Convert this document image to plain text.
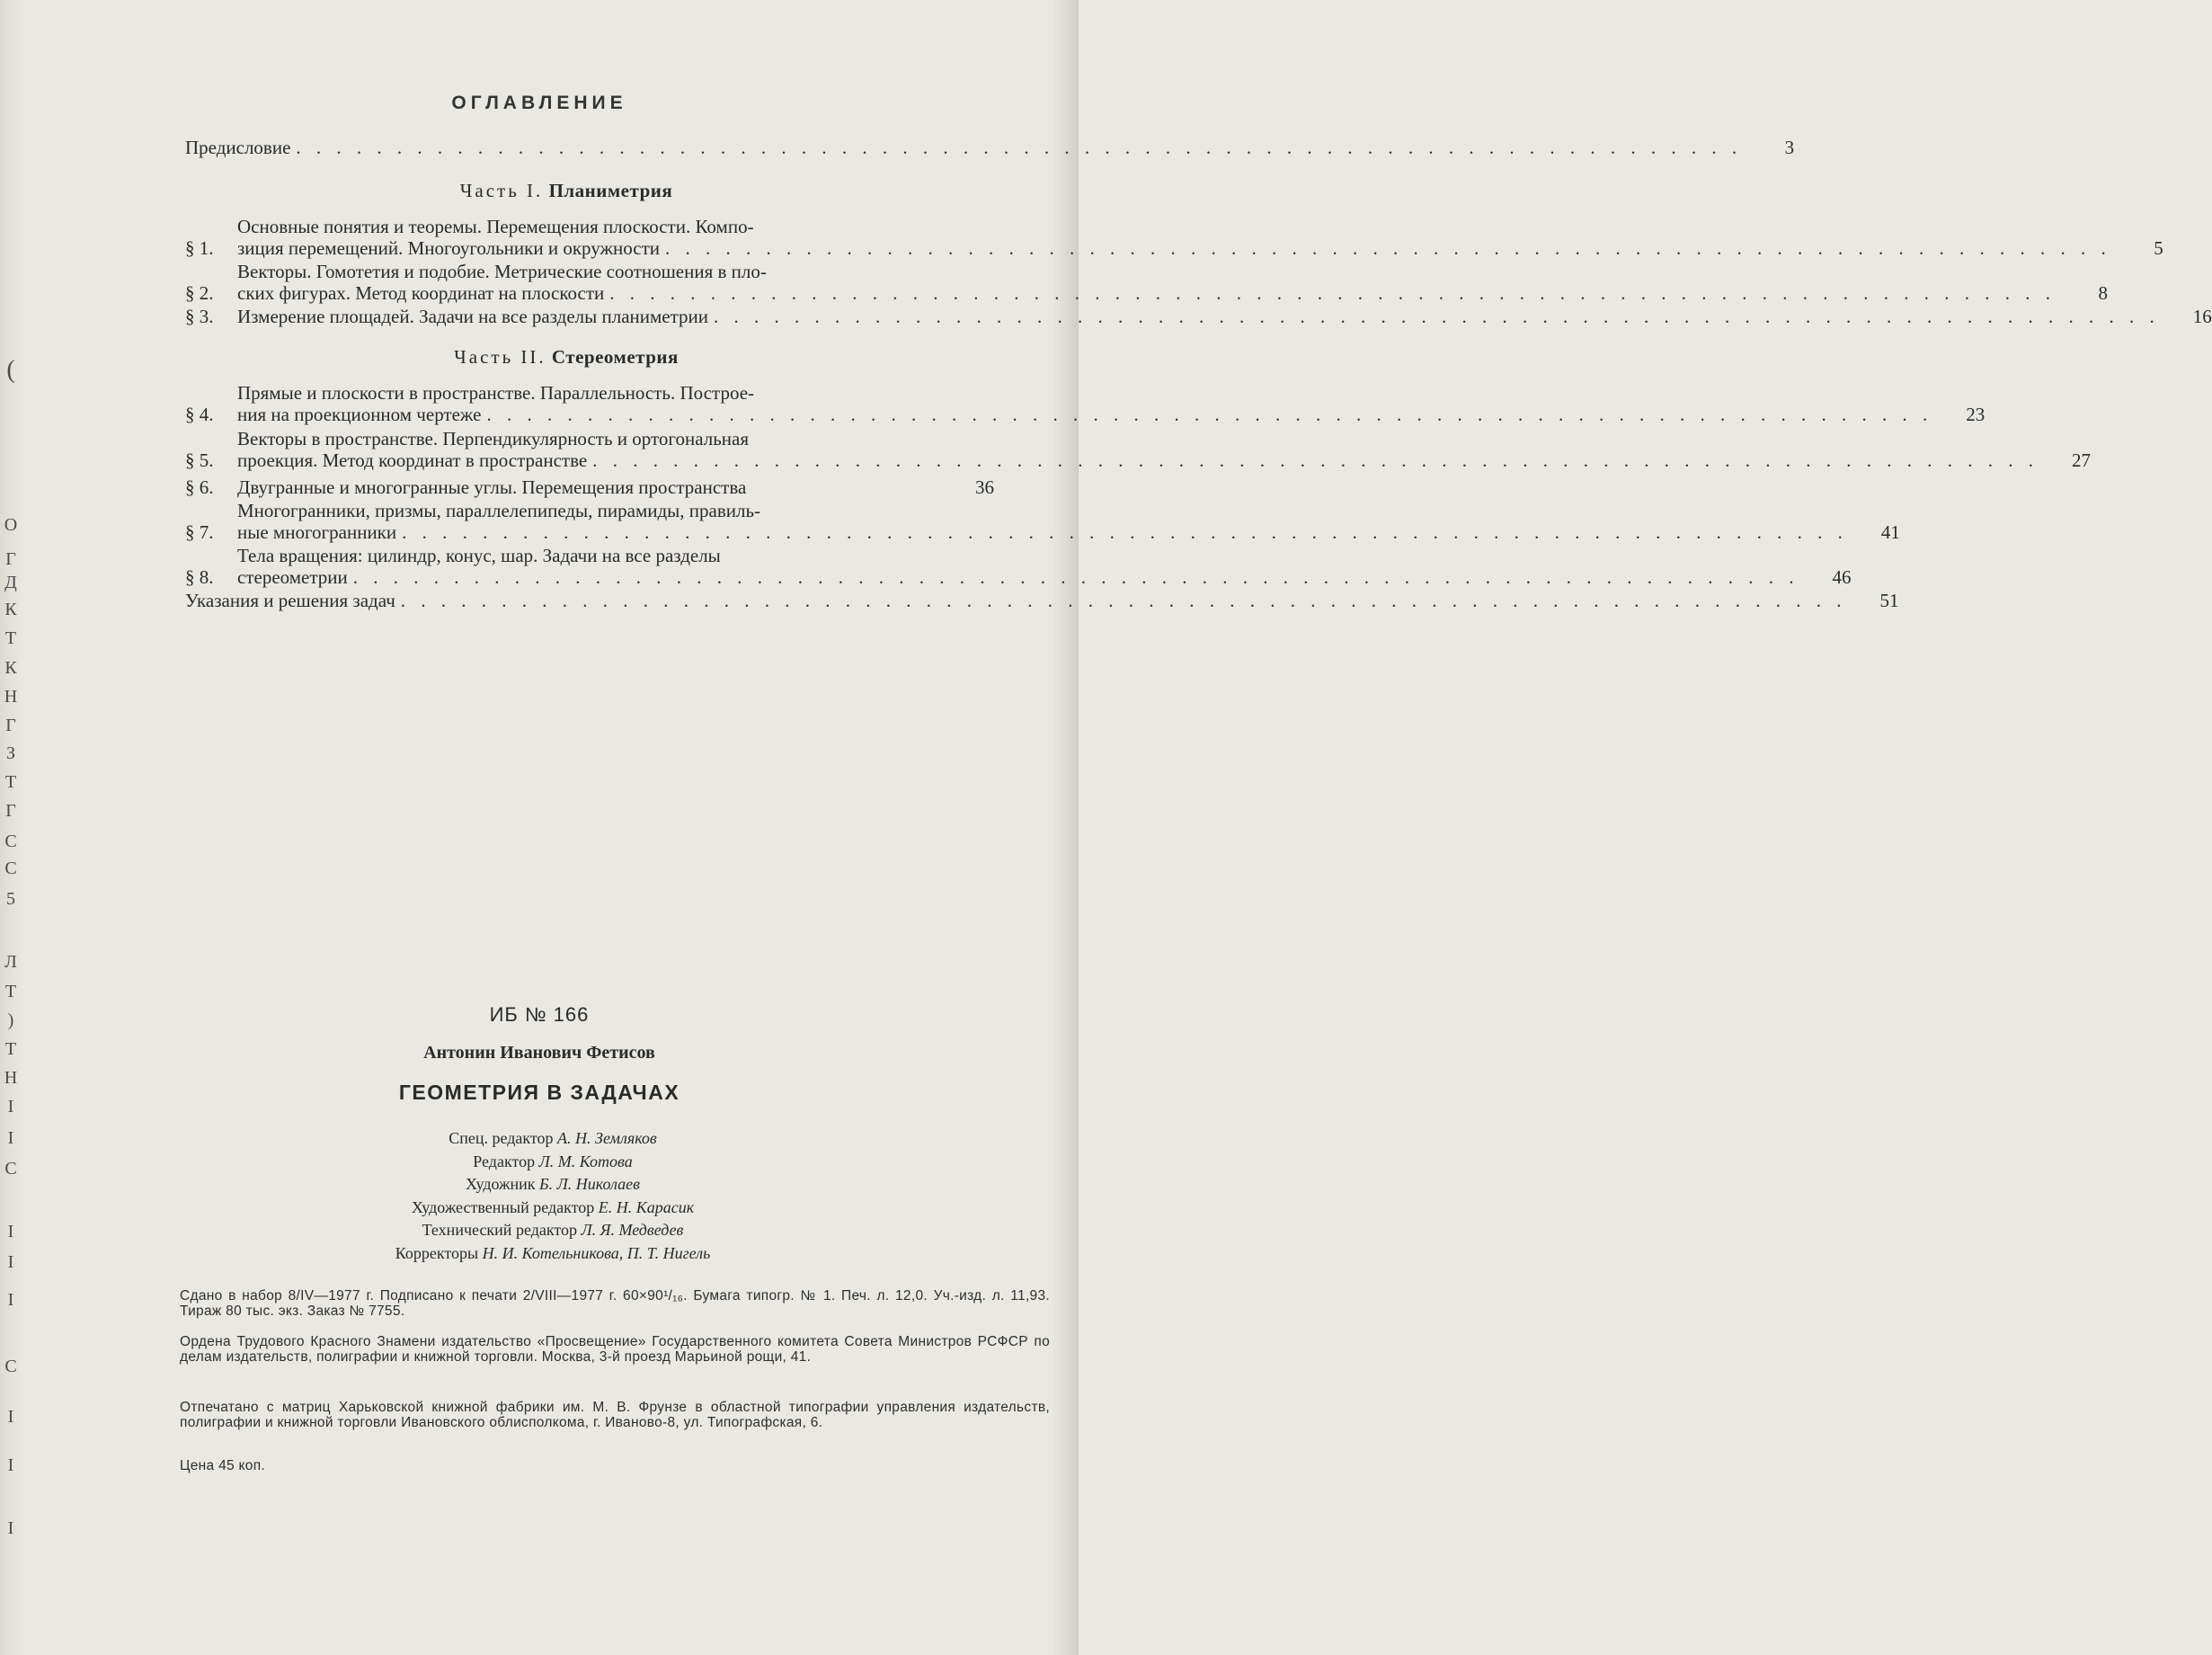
(
О
Г
Д
К
Т
К
Н
Г
З
Т
Г
С
С
5
Л
Т
)
Т
Н
I
І
С
І
І
І
С
І
І
І
ОГЛАВЛЕНИЕ
Предисловие . . .	3
Часть I. Планиметрия
§ 1.
Основные понятия и теоремы. Перемещения плоскости. Компо-
зиция перемещений. Многоугольники и окружности . . .	5
§ 2.
Векторы. Гомотетия и подобие. Метрические соотношения в пло-
ских фигурах. Метод координат на плоскости . . .	8
§ 3.	Измерение площадей. Задачи на все разделы планиметрии . . .	16
Часть II. Стереометрия
§ 4.
Прямые и плоскости в пространстве. Параллельность. Построе-
ния на проекционном чертеже . . .	23
§ 5.
Векторы в пространстве. Перпендикулярность и ортогональная
проекция. Метод координат в пространстве . . .	27
§ 6.	Двугранные и многогранные углы. Перемещения пространства	36
§ 7.
Многогранники, призмы, параллелепипеды, пирамиды, правиль-
ные многогранники . . .	41
§ 8.
Тела вращения: цилиндр, конус, шар. Задачи на все разделы
стереометрии . . .	46
Указания и решения задач . . .	51
ИБ № 166
Антонин Иванович Фетисов
ГЕОМЕТРИЯ В ЗАДАЧАХ
Спец. редактор А. Н. Земляков
Редактор Л. М. Котова
Художник Б. Л. Николаев
Художественный редактор Е. Н. Карасик
Технический редактор Л. Я. Медведев
Корректоры Н. И. Котельникова, П. Т. Нигель
Сдано в набор 8/IV—1977 г. Подписано к печати 2/VIII—1977 г. 60×90¹/₁₆. Бумага типогр. № 1. Печ. л. 12,0. Уч.-изд. л. 11,93. Тираж 80 тыс. экз. Заказ № 7755.
Ордена Трудового Красного Знамени издательство «Просвещение» Государственного комитета Совета Министров РСФСР по делам издательств, полиграфии и книжной торговли. Москва, 3-й проезд Марьиной рощи, 41.
Отпечатано с матриц Харьковской книжной фабрики им. М. В. Фрунзе в областной типографии управления издательств, полиграфии и книжной торговли Ивановского облисполкома, г. Иваново-8, ул. Типографская, 6.
Цена 45 коп.
